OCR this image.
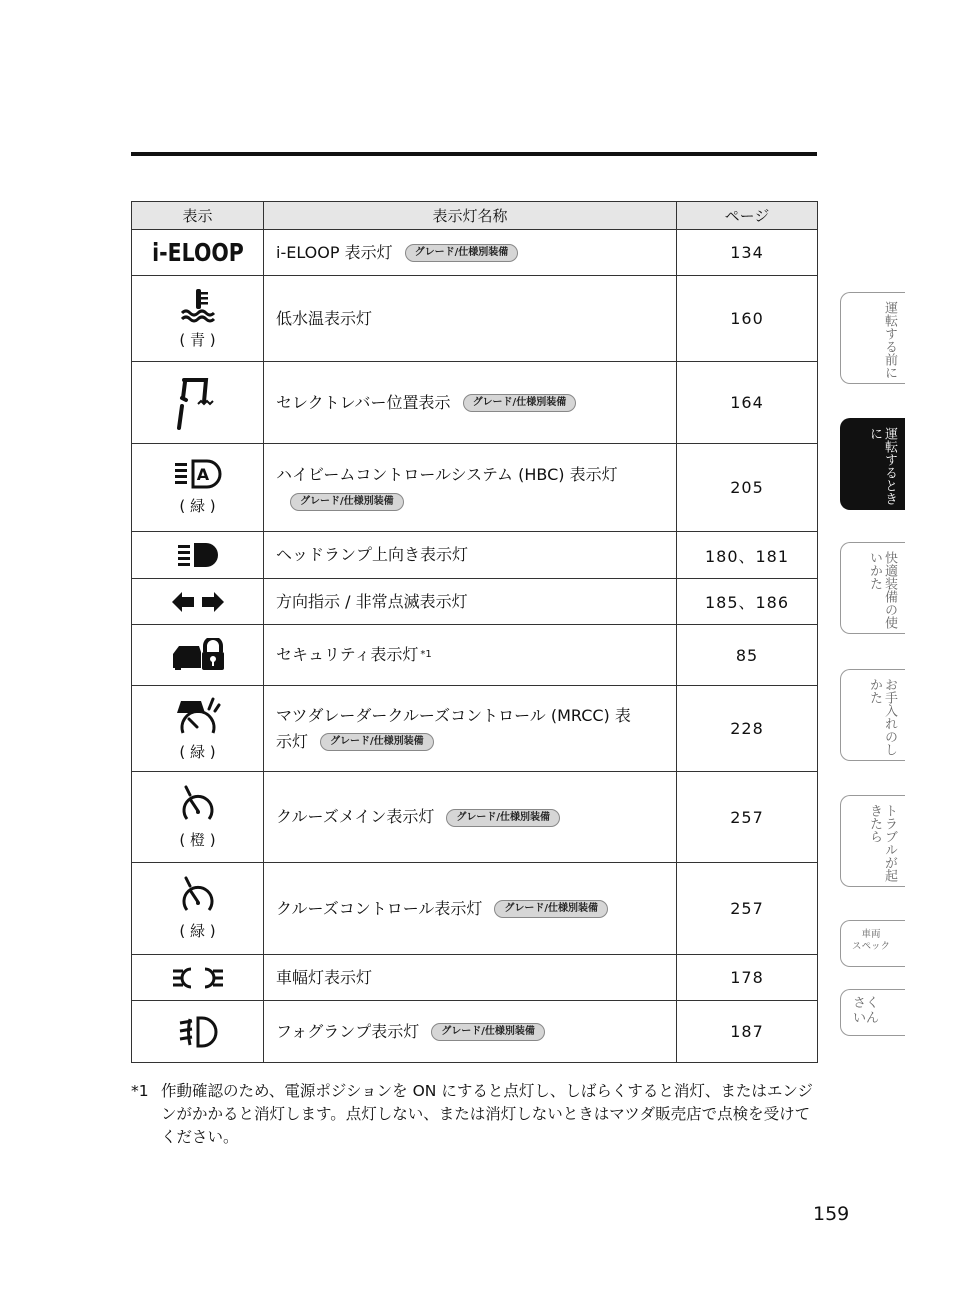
表示	表示灯名称	ページ
i-ELOOP	i-ELOOP 表示灯 グレード/仕様別装備	134

( 青 )	低水温表示灯	160
	セレクトレバー位置表示 グレード/仕様別装備	164

A
( 緑 )	ハイビームコントロールシステム (HBC) 表示灯
グレード/仕様別装備	205
	ヘッドランプ上向き表示灯	180、181
	方向指示 / 非常点滅表示灯	185、186
	セキュリティ表示灯 $^{*1}$	85

( 緑 )	マツダレーダークルーズコントロール (MRCC) 表
示灯 グレード/仕様別装備	228

( 橙 )	クルーズメイン表示灯 グレード/仕様別装備	257

( 緑 )	クルーズコントロール表示灯 グレード/仕様別装備	257
	車幅灯表示灯	178
	フォグランプ表示灯 グレード/仕様別装備	187
*1 作動確認のため、電源ポジションを ON にすると点灯し、しばらくすると消灯、またはエンジンがかかると消灯します。点灯しない、または消灯しないときはマツダ販売店で点検を受けてください。
159
運転する前に
運転するときに
快適装備の使いかた
お手入れのしかた
トラブルが起きたら
車両
スペック
さく
いん
